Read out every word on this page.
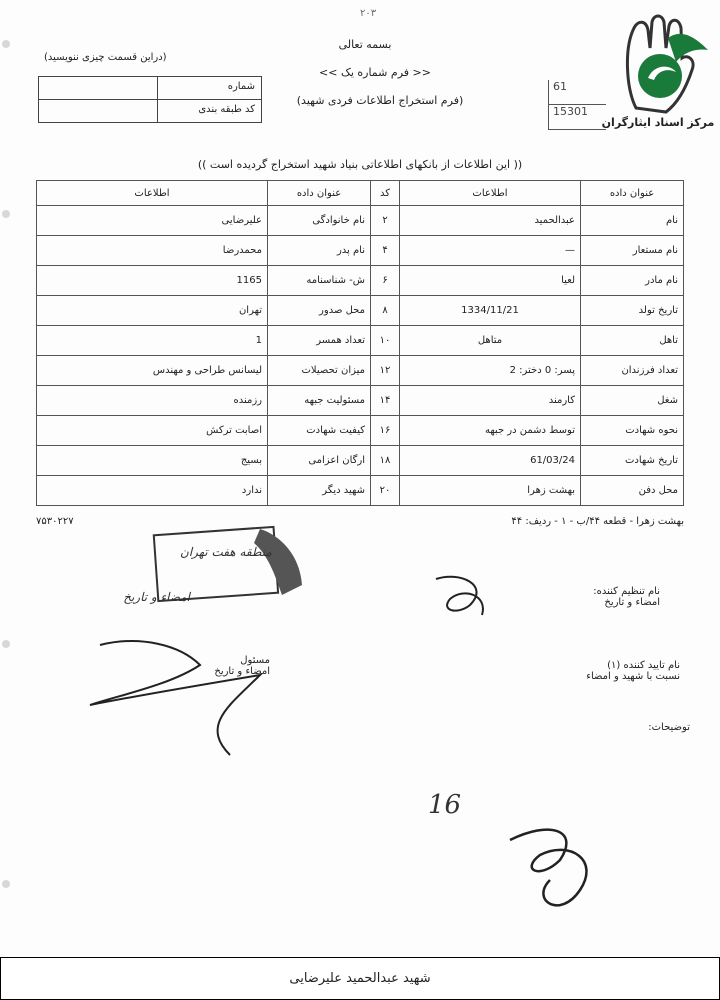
۲۰۳
بسمه تعالی
<< فرم شماره یک >>
(فرم استخراج اطلاعات فردی شهید)
(دراین قسمت چیزی ننویسید)
شماره
کد طبقه بندی
61
15301
مرکز اسناد ایثارگران
(( این اطلاعات از بانکهای اطلاعاتی بنیاد شهید استخراج گردیده است ))
عنوان داده	اطلاعات	کد	عنوان داده	اطلاعات
نام	عبدالحمید	۲	نام خانوادگی	علیرضایی
نام مستعار	—	۴	نام پدر	محمدرضا
نام مادر	لعیا	۶	ش- شناسنامه	1165
تاریخ تولد	1334/11/21	۸	محل صدور	تهران
تاهل	متاهل	۱۰	تعداد همسر	1
تعداد فرزندان	پسر: 0 دختر: 2	۱۲	میزان تحصیلات	لیسانس طراحی و مهندس
شغل	کارمند	۱۴	مسئولیت جبهه	رزمنده
نحوه شهادت	توسط دشمن در جبهه	۱۶	کیفیت شهادت	اصابت ترکش
تاریخ شهادت	61/03/24	۱۸	ارگان اعزامی	بسیج
محل دفن	بهشت زهرا	۲۰	شهید دیگر	ندارد
بهشت زهرا - قطعه ۴۴/ب - ۱ - ردیف: ۴۴
۷۵۳۰۲۲۷
منطقه هفت تهران
نام تنظیم کننده:
امضاء و تاریخ
امضاء و تاریخ
مسئول
امضاء و تاریخ
نام تایید کننده (۱)
نسبت با شهید و امضاء
توضیحات:
16
شهید عبدالحمید علیرضایی
